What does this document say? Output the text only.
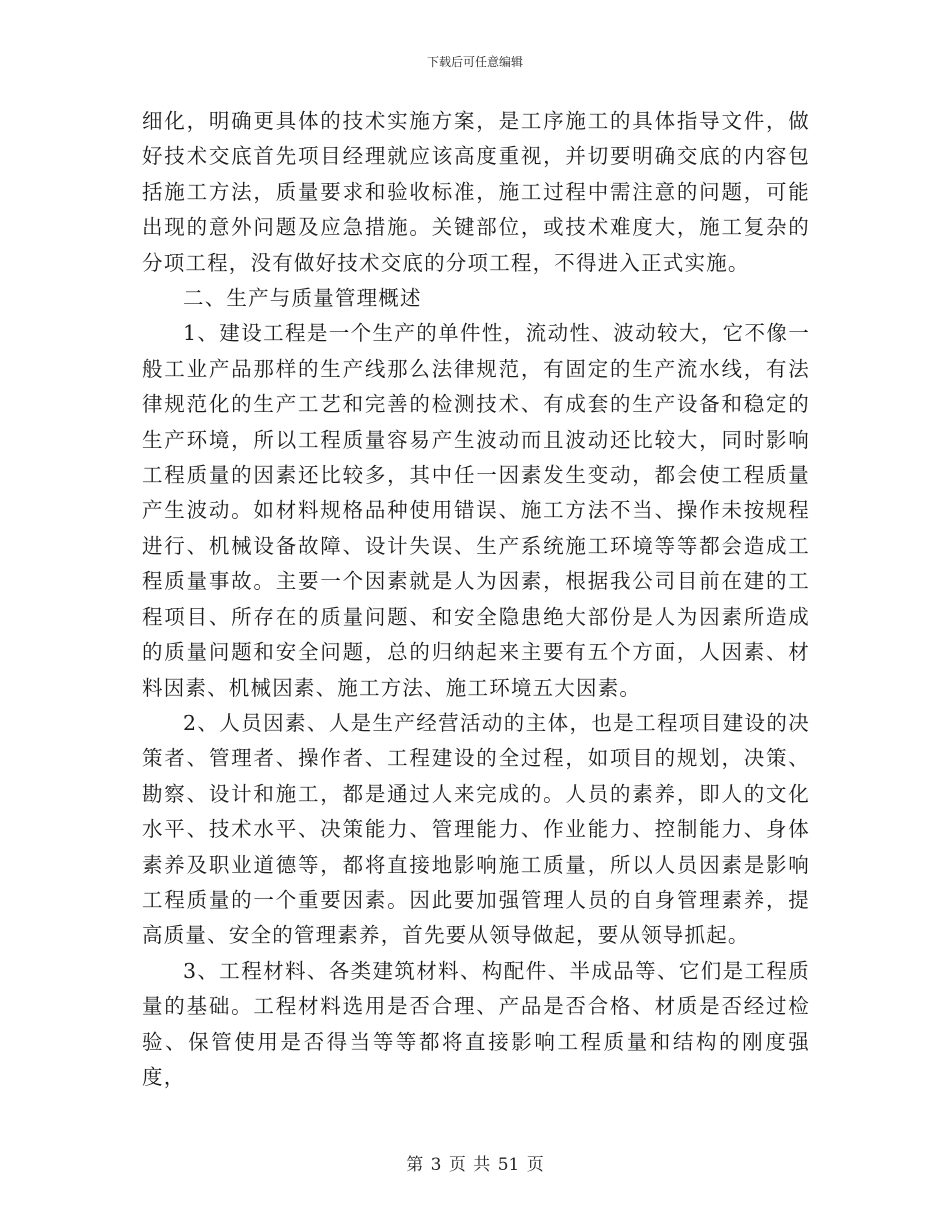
下载后可任意编辑

细化，明确更具体的技术实施方案，是工序施工的具体指导文件，做好技术交底首先项目经理就应该高度重视，并切要明确交底的内容包括施工方法，质量要求和验收标准，施工过程中需注意的问题，可能出现的意外问题及应急措施。关键部位，或技术难度大，施工复杂的分项工程，没有做好技术交底的分项工程，不得进入正式实施。

二、生产与质量管理概述

1、建设工程是一个生产的单件性，流动性、波动较大，它不像一般工业产品那样的生产线那么法律规范，有固定的生产流水线，有法律规范化的生产工艺和完善的检测技术、有成套的生产设备和稳定的生产环境，所以工程质量容易产生波动而且波动还比较大，同时影响工程质量的因素还比较多，其中任一因素发生变动，都会使工程质量产生波动。如材料规格品种使用错误、施工方法不当、操作未按规程进行、机械设备故障、设计失误、生产系统施工环境等等都会造成工程质量事故。主要一个因素就是人为因素，根据我公司目前在建的工程项目、所存在的质量问题、和安全隐患绝大部份是人为因素所造成的质量问题和安全问题，总的归纳起来主要有五个方面，人因素、材料因素、机械因素、施工方法、施工环境五大因素。

2、人员因素、人是生产经营活动的主体，也是工程项目建设的决策者、管理者、操作者、工程建设的全过程，如项目的规划，决策、勘察、设计和施工，都是通过人来完成的。人员的素养，即人的文化水平、技术水平、决策能力、管理能力、作业能力、控制能力、身体素养及职业道德等，都将直接地影响施工质量，所以人员因素是影响工程质量的一个重要因素。因此要加强管理人员的自身管理素养，提高质量、安全的管理素养，首先要从领导做起，要从领导抓起。

3、工程材料、各类建筑材料、构配件、半成品等、它们是工程质量的基础。工程材料选用是否合理、产品是否合格、材质是否经过检验、保管使用是否得当等等都将直接影响工程质量和结构的刚度强度，

第 3 页 共 51 页
